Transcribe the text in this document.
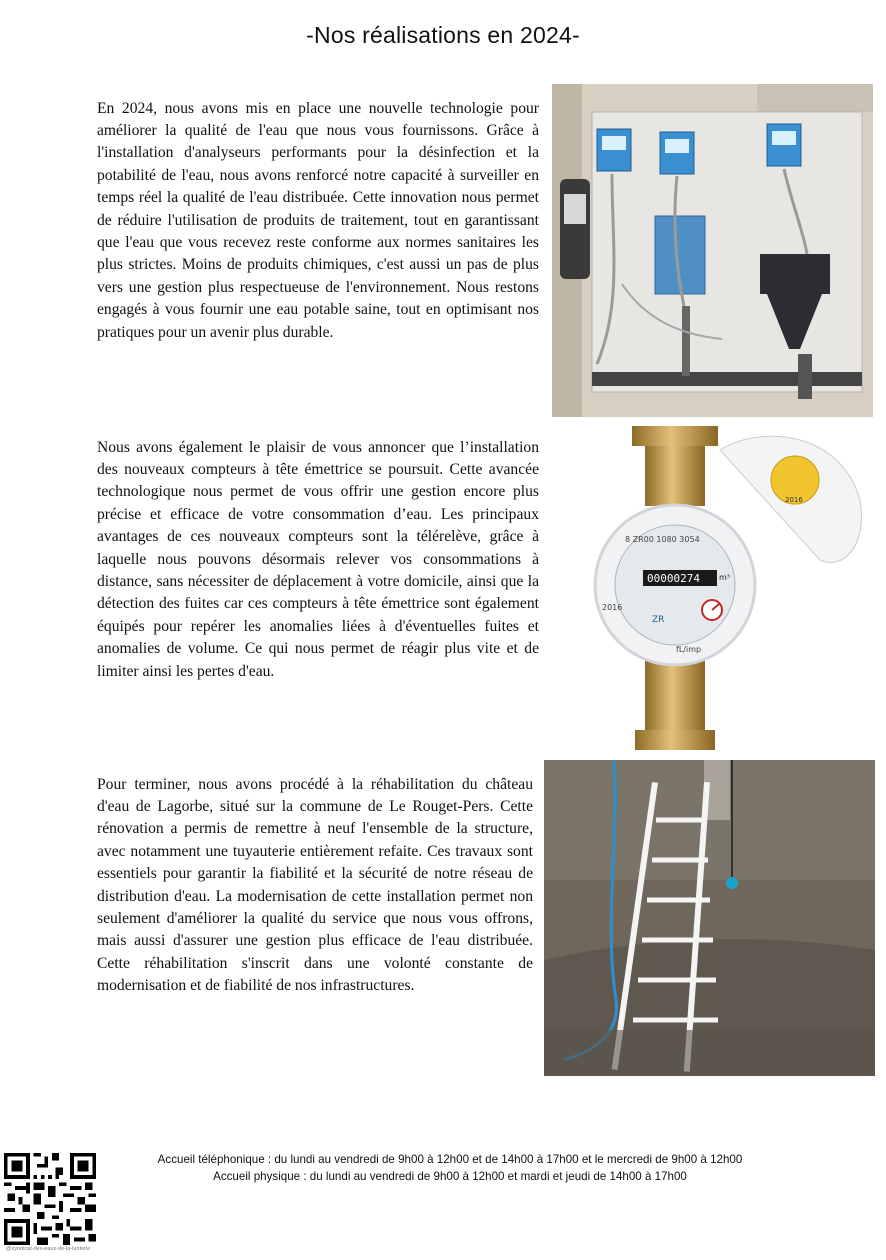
-Nos réalisations en 2024-

En 2024, nous avons mis en place une nouvelle technologie pour améliorer la qualité de l'eau que nous vous fournissons. Grâce à l'installation d'analyseurs performants pour la désinfection et la potabilité de l'eau, nous avons renforcé notre capacité à surveiller en temps réel la qualité de l'eau distribuée. Cette innovation nous permet de réduire l'utilisation de produits de traitement, tout en garantissant que l'eau que vous recevez reste conforme aux normes sanitaires les plus strictes. Moins de produits chimiques, c'est aussi un pas de plus vers une gestion plus respectueuse de l'environnement. Nous restons engagés à vous fournir une eau potable saine, tout en optimisant nos pratiques pour un avenir plus durable.

Nous avons également le plaisir de vous annoncer que l’installation des nouveaux compteurs à tête émettrice se poursuit. Cette avancée technologique nous permet de vous offrir une gestion encore plus précise et efficace de votre consommation d’eau. Les principaux avantages de ces nouveaux compteurs sont la télérelève, grâce à laquelle nous pouvons désormais relever vos consommations à distance, sans nécessiter de déplacement à votre domicile, ainsi que la détection des fuites car ces compteurs à tête émettrice sont également équipés pour repérer les anomalies liées à d'éventuelles fuites et anomalies de volume. Ce qui nous permet de réagir plus vite et de limiter ainsi les pertes d'eau.

2016
8 ZR00 1080 3054
00000274 m³
ZR
2016
fL/imp

Pour terminer, nous avons procédé à la réhabilitation du château d'eau de Lagorbe, situé sur la commune de Le Rouget-Pers. Cette rénovation a permis de remettre à neuf l'ensemble de la structure, avec notamment une tuyauterie entièrement refaite. Ces travaux sont essentiels pour garantir la fiabilité et la sécurité de notre réseau de distribution d'eau. La modernisation de cette installation permet non seulement d'améliorer la qualité du service que nous vous offrons, mais aussi d'assurer une gestion plus efficace de l'eau distribuée. Cette réhabilitation s'inscrit dans une volonté constante de modernisation et de fiabilité de nos infrastructures.

Accueil téléphonique : du lundi au vendredi de 9h00 à 12h00 et de 14h00 à 17h00 et le mercredi de 9h00 à 12h00
Accueil physique : du lundi au vendredi de 9h00 à 12h00 et mardi et jeudi de 14h00 à 17h00
@syndicat-des-eaux-de-la-lunterie
